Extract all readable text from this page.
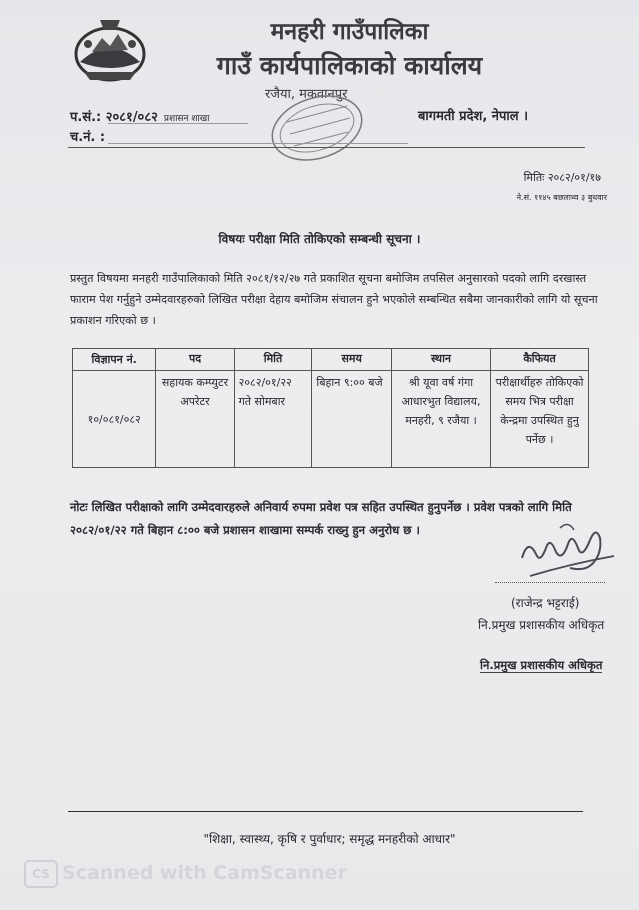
मनहरी गाउँपालिका
गाउँ कार्यपालिकाको कार्यालय
रजैया, मकवानपुर
प.सं.: २०८१/०८२ प्रशासन शाखा
च.नं. :
बागमती प्रदेश, नेपाल ।
मितिः २०८२/०१/१७
ने.सं. ११४५ बछलाथ्व ३ बुधवार
विषयः परीक्षा मिति तोकिएको सम्बन्धी सूचना ।
प्रस्तुत विषयमा मनहरी गाउँपालिकाको मिति २०८१/१२/२७ गते प्रकाशित सूचना बमोजिम तपसिल अनुसारको पदको लागि दरखास्त फाराम पेश गर्नुहुने उम्मेदवारहरुको लिखित परीक्षा देहाय बमोजिम संचालन हुने भएकोले सम्बन्धित सबैमा जानकारीको लागि यो सूचना प्रकाशन गरिएको छ ।
विज्ञापन नं.	पद	मिति	समय	स्थान	कैफियत
१०/०८१/०८२	सहायक कम्प्युटर अपरेटर	२०८२/०१/२२ गते सोमबार	बिहान ९:०० बजे	श्री यूवा वर्ष गंगा आधारभुत विद्यालय, मनहरी, ९ रजैया ।	परीक्षार्थीहरु तोकिएको समय भित्र परीक्षा केन्द्रमा उपस्थित हुनु पर्नेछ ।
नोटः लिखित परीक्षाको लागि उम्मेदवारहरुले अनिवार्य रुपमा प्रवेश पत्र सहित उपस्थित हुनुपर्नेछ । प्रवेश पत्रको लागि मिति २०८२/०१/२२ गते बिहान ८:०० बजे प्रशासन शाखामा सम्पर्क राख्नु हुन अनुरोध छ ।
(राजेन्द्र भट्टराई)
नि.प्रमुख प्रशासकीय अधिकृत
नि.प्रमुख प्रशासकीय अधिकृत
"शिक्षा, स्वास्थ्य, कृषि र पुर्वाधार; समृद्ध मनहरीको आधार"
CS Scanned with CamScanner
